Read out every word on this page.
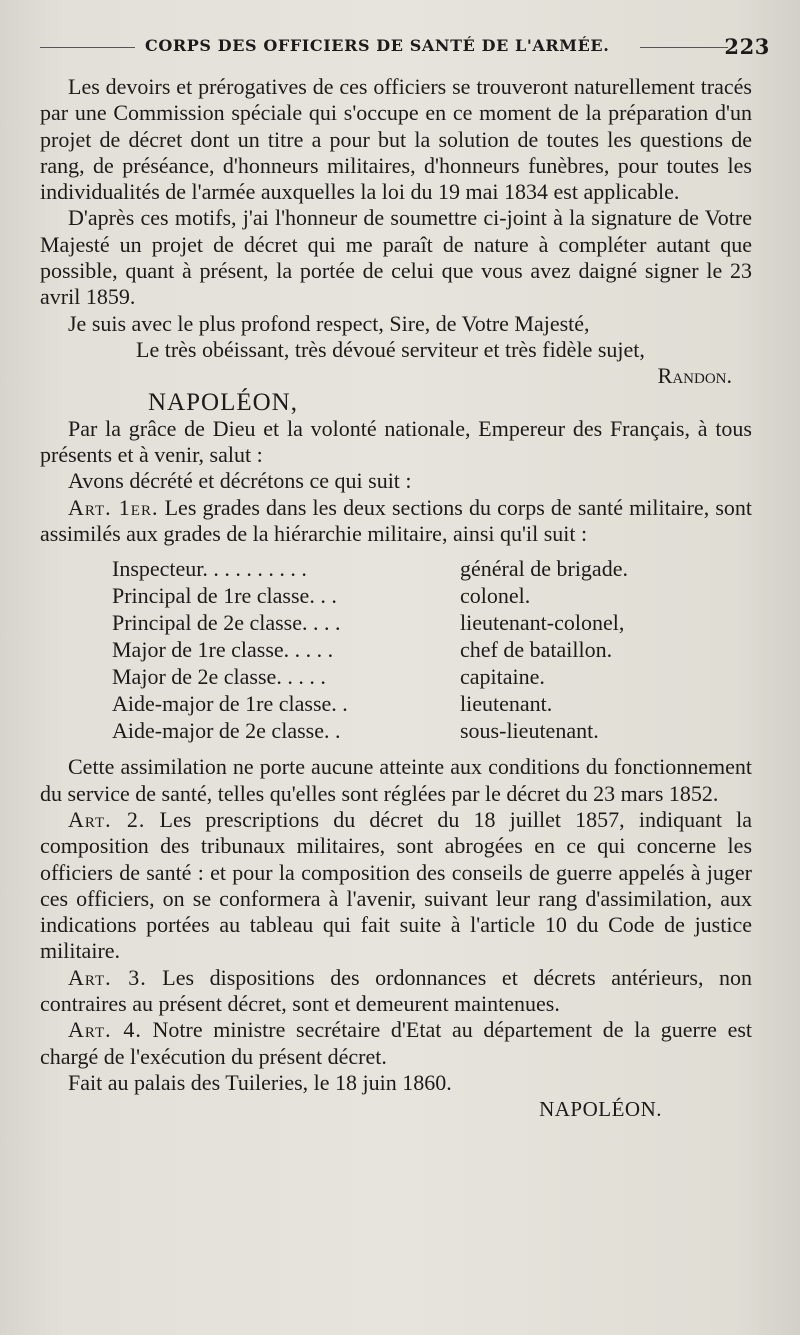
CORPS DES OFFICIERS DE SANTÉ DE L'ARMÉE.	223

Les devoirs et prérogatives de ces officiers se trouveront naturellement tracés par une Commission spéciale qui s'occupe en ce moment de la préparation d'un projet de décret dont un titre a pour but la solution de toutes les questions de rang, de préséance, d'honneurs militaires, d'honneurs funèbres, pour toutes les individualités de l'armée auxquelles la loi du 19 mai 1834 est applicable.

D'après ces motifs, j'ai l'honneur de soumettre ci-joint à la signature de Votre Majesté un projet de décret qui me paraît de nature à compléter autant que possible, quant à présent, la portée de celui que vous avez daigné signer le 23 avril 1859.

Je suis avec le plus profond respect, Sire, de Votre Majesté,

Le très obéissant, très dévoué serviteur et très fidèle sujet,

Randon.

NAPOLÉON,

Par la grâce de Dieu et la volonté nationale, Empereur des Français, à tous présents et à venir, salut :

Avons décrété et décrétons ce qui suit :

Art. 1er. Les grades dans les deux sections du corps de santé militaire, sont assimilés aux grades de la hiérarchie militaire, ainsi qu'il suit :

Inspecteur. . . . . . . . . .	général de brigade.
Principal de 1re classe. . .	colonel.
Principal de 2e classe. . . .	lieutenant-colonel,
Major de 1re classe. . . . .	chef de bataillon.
Major de 2e classe. . . . .	capitaine.
Aide-major de 1re classe. .	lieutenant.
Aide-major de 2e classe. .	sous-lieutenant.

Cette assimilation ne porte aucune atteinte aux conditions du fonctionnement du service de santé, telles qu'elles sont réglées par le décret du 23 mars 1852.

Art. 2. Les prescriptions du décret du 18 juillet 1857, indiquant la composition des tribunaux militaires, sont abrogées en ce qui concerne les officiers de santé : et pour la composition des conseils de guerre appelés à juger ces officiers, on se conformera à l'avenir, suivant leur rang d'assimilation, aux indications portées au tableau qui fait suite à l'article 10 du Code de justice militaire.

Art. 3. Les dispositions des ordonnances et décrets antérieurs, non contraires au présent décret, sont et demeurent maintenues.

Art. 4. Notre ministre secrétaire d'Etat au département de la guerre est chargé de l'exécution du présent décret.

Fait au palais des Tuileries, le 18 juin 1860.

NAPOLÉON.
